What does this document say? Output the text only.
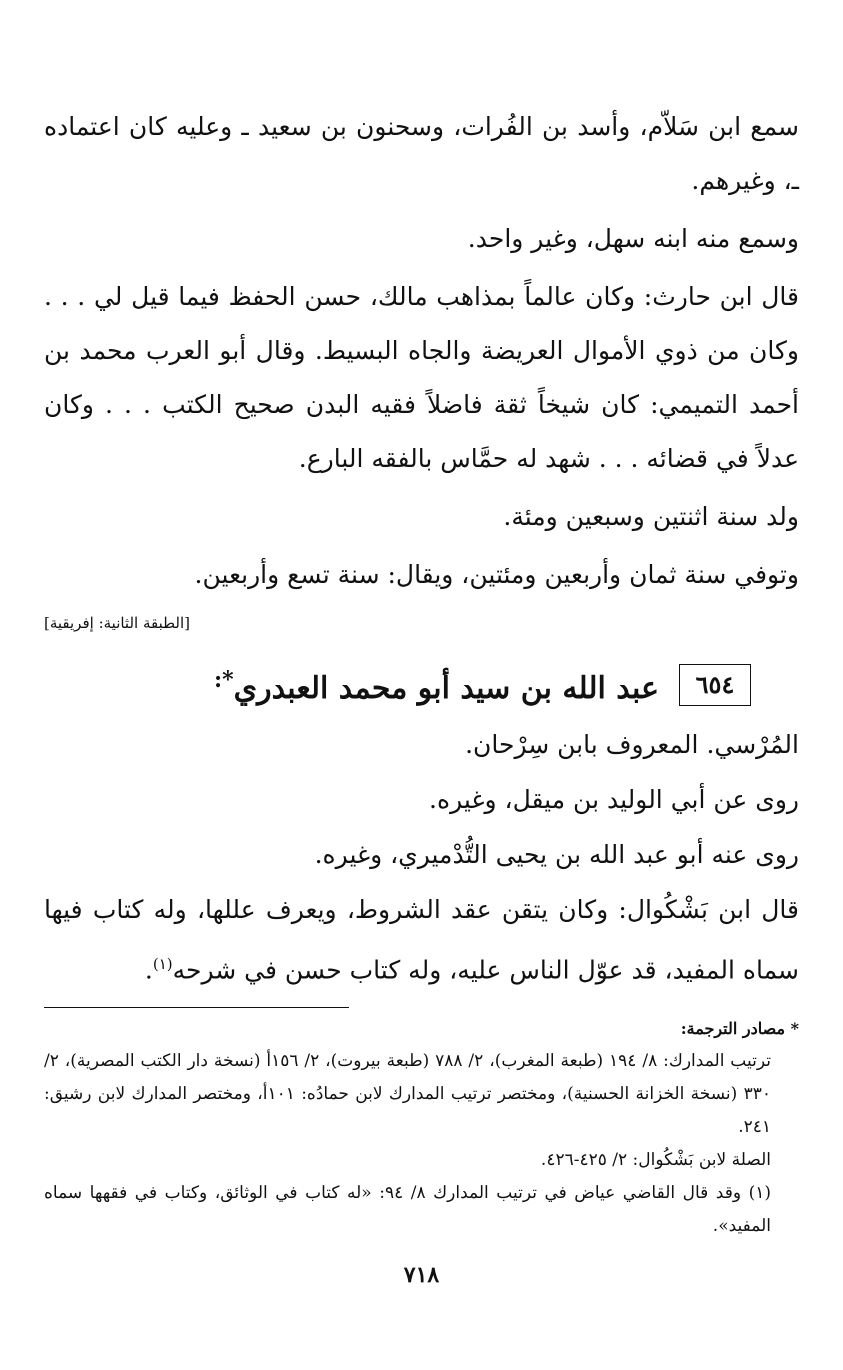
سمع ابن سَلاّم، وأسد بن الفُرات، وسحنون بن سعيد ـ وعليه كان اعتماده ـ، وغيرهم.

وسمع منه ابنه سهل، وغير واحد.

قال ابن حارث: وكان عالماً بمذاهب مالك، حسن الحفظ فيما قيل لي . . . وكان من ذوي الأموال العريضة والجاه البسيط. وقال أبو العرب محمد بن أحمد التميمي: كان شيخاً ثقة فاضلاً فقيه البدن صحيح الكتب . . . وكان عدلاً في قضائه . . . شهد له حمَّاس بالفقه البارع.

ولد سنة اثنتين وسبعين ومئة.

وتوفي سنة ثمان وأربعين ومئتين، ويقال: سنة تسع وأربعين.

[الطبقة الثانية: إفريقية]
٦٥٤
عبد الله بن سيد أبو محمد العبدري*:

المُرْسي. المعروف بابن سِرْحان.

روى عن أبي الوليد بن ميقل، وغيره.

روى عنه أبو عبد الله بن يحيى التُّدْميري، وغيره.

قال ابن بَشْكُوال: وكان يتقن عقد الشروط، ويعرف عللها، وله كتاب فيها سماه المفيد، قد عوّل الناس عليه، وله كتاب حسن في شرحه$^{(١)}$.

* مصادر الترجمة:

ترتيب المدارك: ٨/ ١٩٤ (طبعة المغرب)، ٢/ ٧٨٨ (طبعة بيروت)، ٢/ ١٥٦أ (نسخة دار الكتب المصرية)، ٢/ ٣٣٠ (نسخة الخزانة الحسنية)، ومختصر ترتيب المدارك لابن حمادُه: ١٠١أ، ومختصر المدارك لابن رشيق: ٢٤١.

الصلة لابن بَشْكُوال: ٢/ ٤٢٥-٤٢٦.

(١) وقد قال القاضي عياض في ترتيب المدارك ٨/ ٩٤: «له كتاب في الوثائق، وكتاب في فقهها سماه المفيد».

٧١٨
